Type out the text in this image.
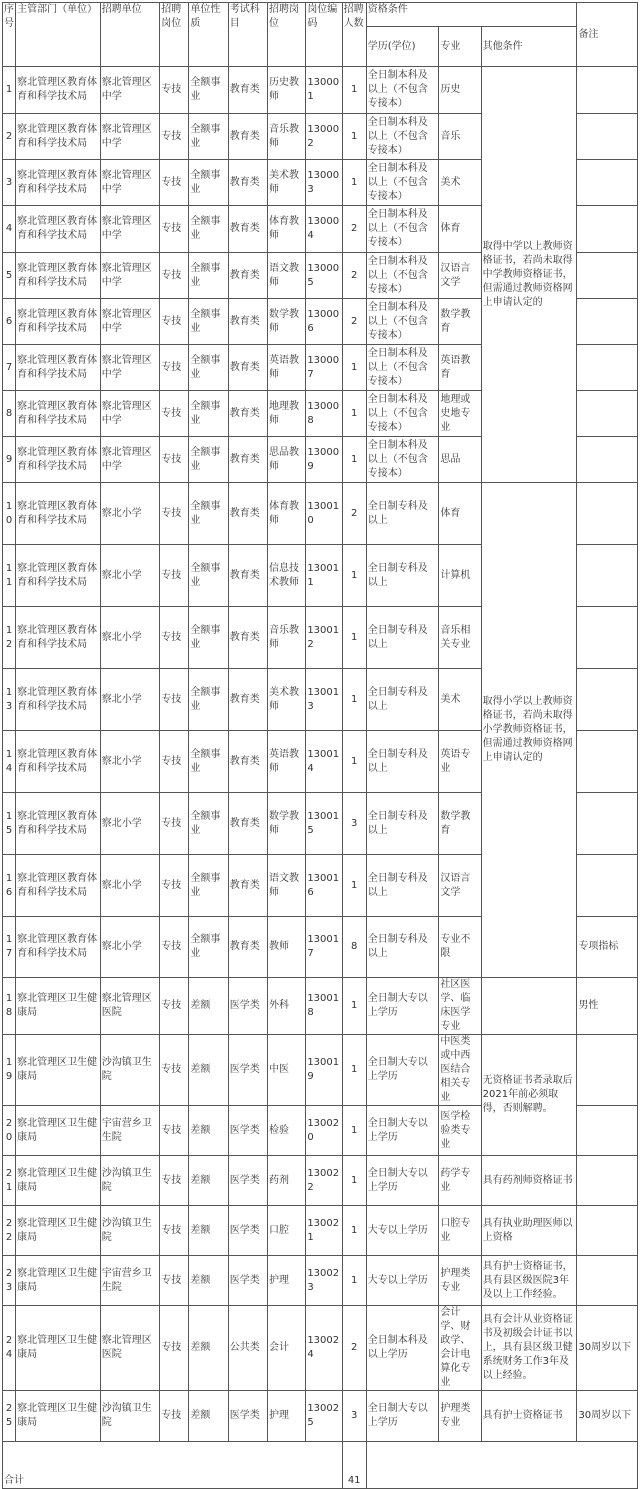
序号	主管部门（单位）	招聘单位	招聘岗位	单位性质	考试科目	招聘岗位	岗位编码	招聘人数	资格条件			备注
									学历(学位)	专业	其他条件	
1	察北管理区教育体育和科学技术局	察北管理区中学	专技	全额事业	教育类	历史教师	130001	1	全日制本科及以上（不包含专接本）	历史	取得中学以上教师资格证书，若尚未取得中学教师资格证书，但需通过教师资格网上申请认定的	
2	察北管理区教育体育和科学技术局	察北管理区中学	专技	全额事业	教育类	音乐教师	130002	1	全日制本科及以上（不包含专接本）	音乐		
3	察北管理区教育体育和科学技术局	察北管理区中学	专技	全额事业	教育类	美术教师	130003	1	全日制本科及以上（不包含专接本）	美术		
4	察北管理区教育体育和科学技术局	察北管理区中学	专技	全额事业	教育类	体育教师	130004	2	全日制本科及以上（不包含专接本）	体育		
5	察北管理区教育体育和科学技术局	察北管理区中学	专技	全额事业	教育类	语文教师	130005	2	全日制本科及以上（不包含专接本）	汉语言文学		
6	察北管理区教育体育和科学技术局	察北管理区中学	专技	全额事业	教育类	数学教师	130006	2	全日制本科及以上（不包含专接本）	数学教育		
7	察北管理区教育体育和科学技术局	察北管理区中学	专技	全额事业	教育类	英语教师	130007	1	全日制本科及以上（不包含专接本）	英语教育		
8	察北管理区教育体育和科学技术局	察北管理区中学	专技	全额事业	教育类	地理教师	130008	1	全日制本科及以上（不包含专接本）	地理或史地专业		
9	察北管理区教育体育和科学技术局	察北管理区中学	专技	全额事业	教育类	思品教师	130009	1	全日制本科及以上（不包含专接本）	思品		
10	察北管理区教育体育和科学技术局	察北小学	专技	全额事业	教育类	体育教师	130010	2	全日制专科及以上	体育	取得小学以上教师资格证书，若尚未取得小学教师资格证书，但需通过教师资格网上申请认定的	
11	察北管理区教育体育和科学技术局	察北小学	专技	全额事业	教育类	信息技术教师	130011	1	全日制专科及以上	计算机		
12	察北管理区教育体育和科学技术局	察北小学	专技	全额事业	教育类	音乐教师	130012	1	全日制专科及以上	音乐相关专业		
13	察北管理区教育体育和科学技术局	察北小学	专技	全额事业	教育类	美术教师	130013	1	全日制专科及以上	美术		
14	察北管理区教育体育和科学技术局	察北小学	专技	全额事业	教育类	英语教师	130014	1	全日制专科及以上	英语专业		
15	察北管理区教育体育和科学技术局	察北小学	专技	全额事业	教育类	数学教师	130015	3	全日制专科及以上	数学教育		
16	察北管理区教育体育和科学技术局	察北小学	专技	全额事业	教育类	语文教师	130016	1	全日制专科及以上	汉语言文学		
17	察北管理区教育体育和科学技术局	察北小学	专技	全额事业	教育类	教师	130017	8	全日制专科及以上	专业不限		专项指标
18	察北管理区卫生健康局	察北管理区医院	专技	差额	医学类	外科	130018	1	全日制大专以上学历	社区医学、临床医学专业		男性
19	察北管理区卫生健康局	沙沟镇卫生院	专技	差额	医学类	中医	130019	1	全日制大专以上学历	中医类或中西医结合相关专业	无资格证书者录取后2021年前必须取得，否则解聘。	
20	察北管理区卫生健康局	宇宙营乡卫生院	专技	差额	医学类	检验	130020	1	全日制大专以上学历	医学检验类专业		
21	察北管理区卫生健康局	沙沟镇卫生院	专技	差额	医学类	药剂	130022	1	全日制大专以上学历	药学专业	具有药剂师资格证书	
22	察北管理区卫生健康局	沙沟镇卫生院	专技	差额	医学类	口腔	130021	1	大专以上学历	口腔专业	具有执业助理医师以上资格	
23	察北管理区卫生健康局	宇宙营乡卫生院	专技	差额	医学类	护理	130023	1	大专以上学历	护理类专业	具有护士资格证书，具有县区级医院3年及以上工作经验。	
24	察北管理区卫生健康局	察北管理区医院	专技	差额	公共类	会计	130024	2	全日制本科及以上学历	会计学、财政学、会计电算化专业	具有会计从业资格证书及初级会计证书以上，具有县区级卫健系统财务工作3年及以上经验。	30周岁以下
25	察北管理区卫生健康局	沙沟镇卫生院	专技	差额	医学类	护理	130025	3	全日制大专以上学历	护理类专业	具有护士资格证书	30周岁以下
合计								41				
